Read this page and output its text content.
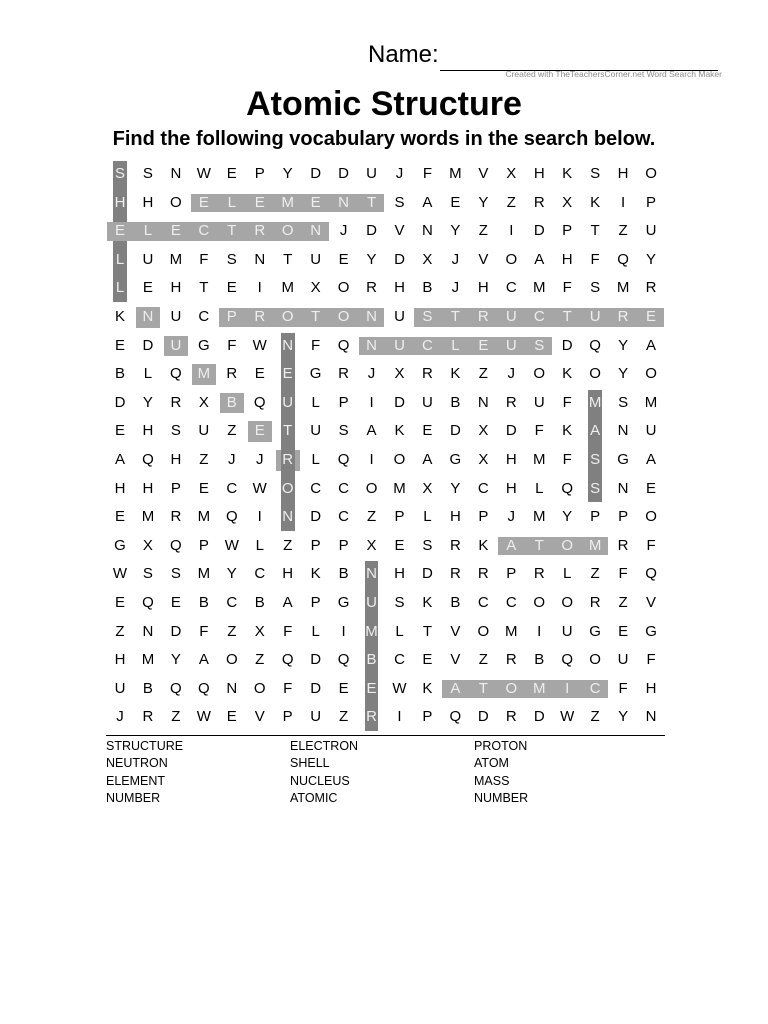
Name:
Created with TheTeachersCorner.net Word Search Maker
Atomic Structure
Find the following vocabulary words in the search below.
S	S	N	W	E	P	Y	D	D	U	J	F	M	V	X	H	K	S	H	O
H	H	O	E	L	E	M	E	N	T	S	A	E	Y	Z	R	X	K	I	P
E	L	E	C	T	R	O	N	J	D	V	N	Y	Z	I	D	P	T	Z	U
L	U	M	F	S	N	T	U	E	Y	D	X	J	V	O	A	H	F	Q	Y
L	E	H	T	E	I	M	X	O	R	H	B	J	H	C	M	F	S	M	R
K	N	U	C	P	R	O	T	O	N	U	S	T	R	U	C	T	U	R	E
E	D	U	G	F	W	N	F	Q	N	U	C	L	E	U	S	D	Q	Y	A
B	L	Q	M	R	E	E	G	R	J	X	R	K	Z	J	O	K	O	Y	O
D	Y	R	X	B	Q	U	L	P	I	D	U	B	N	R	U	F	M	S	M
E	H	S	U	Z	E	T	U	S	A	K	E	D	X	D	F	K	A	N	U
A	Q	H	Z	J	J	R	L	Q	I	O	A	G	X	H	M	F	S	G	A
H	H	P	E	C	W	O	C	C	O	M	X	Y	C	H	L	Q	S	N	E
E	M	R	M	Q	I	N	D	C	Z	P	L	H	P	J	M	Y	P	P	O
G	X	Q	P	W	L	Z	P	P	X	E	S	R	K	A	T	O	M	R	F
W	S	S	M	Y	C	H	K	B	N	H	D	R	R	P	R	L	Z	F	Q
E	Q	E	B	C	B	A	P	G	U	S	K	B	C	C	O	O	R	Z	V
Z	N	D	F	Z	X	F	L	I	M	L	T	V	O	M	I	U	G	E	G
H	M	Y	A	O	Z	Q	D	Q	B	C	E	V	Z	R	B	Q	O	U	F
U	B	Q	Q	N	O	F	D	E	E	W	K	A	T	O	M	I	C	F	H
J	R	Z	W	E	V	P	U	Z	R	I	P	Q	D	R	D	W	Z	Y	N
STRUCTURE
NEUTRON
ELEMENT
NUMBER
ELECTRON
SHELL
NUCLEUS
ATOMIC
PROTON
ATOM
MASS
NUMBER
